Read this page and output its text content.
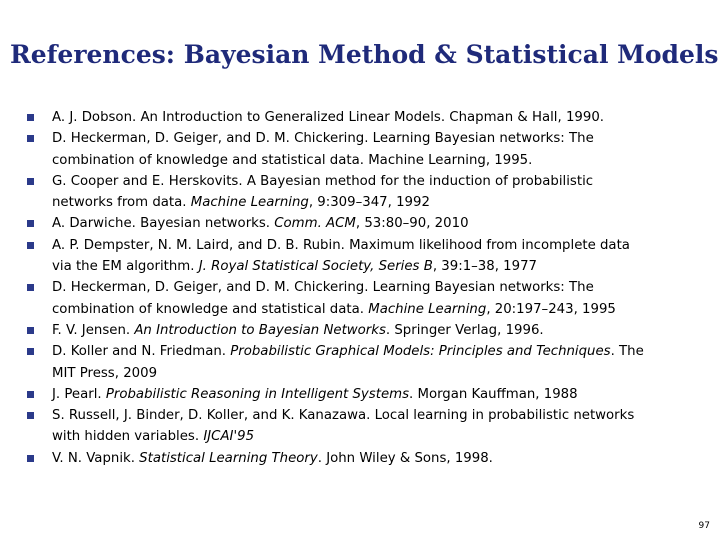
References: Bayesian Method & Statistical Models
A. J. Dobson. An Introduction to Generalized Linear Models. Chapman & Hall, 1990.
D. Heckerman, D. Geiger, and D. M. Chickering. Learning Bayesian networks: The
combination of knowledge and statistical data. Machine Learning, 1995.
G. Cooper and E. Herskovits. A Bayesian method for the induction of probabilistic
networks from data. Machine Learning, 9:309–347, 1992
A. Darwiche. Bayesian networks. Comm. ACM, 53:80–90, 2010
A. P. Dempster, N. M. Laird, and D. B. Rubin. Maximum likelihood from incomplete data
via the EM algorithm. J. Royal Statistical Society, Series B, 39:1–38, 1977
D. Heckerman, D. Geiger, and D. M. Chickering. Learning Bayesian networks: The
combination of knowledge and statistical data. Machine Learning, 20:197–243, 1995
F. V. Jensen. An Introduction to Bayesian Networks. Springer Verlag, 1996.
D. Koller and N. Friedman. Probabilistic Graphical Models: Principles and Techniques. The
MIT Press, 2009
J. Pearl. Probabilistic Reasoning in Intelligent Systems. Morgan Kauffman, 1988
S. Russell, J. Binder, D. Koller, and K. Kanazawa. Local learning in probabilistic networks
with hidden variables. IJCAI'95
V. N. Vapnik. Statistical Learning Theory. John Wiley & Sons, 1998.
97
